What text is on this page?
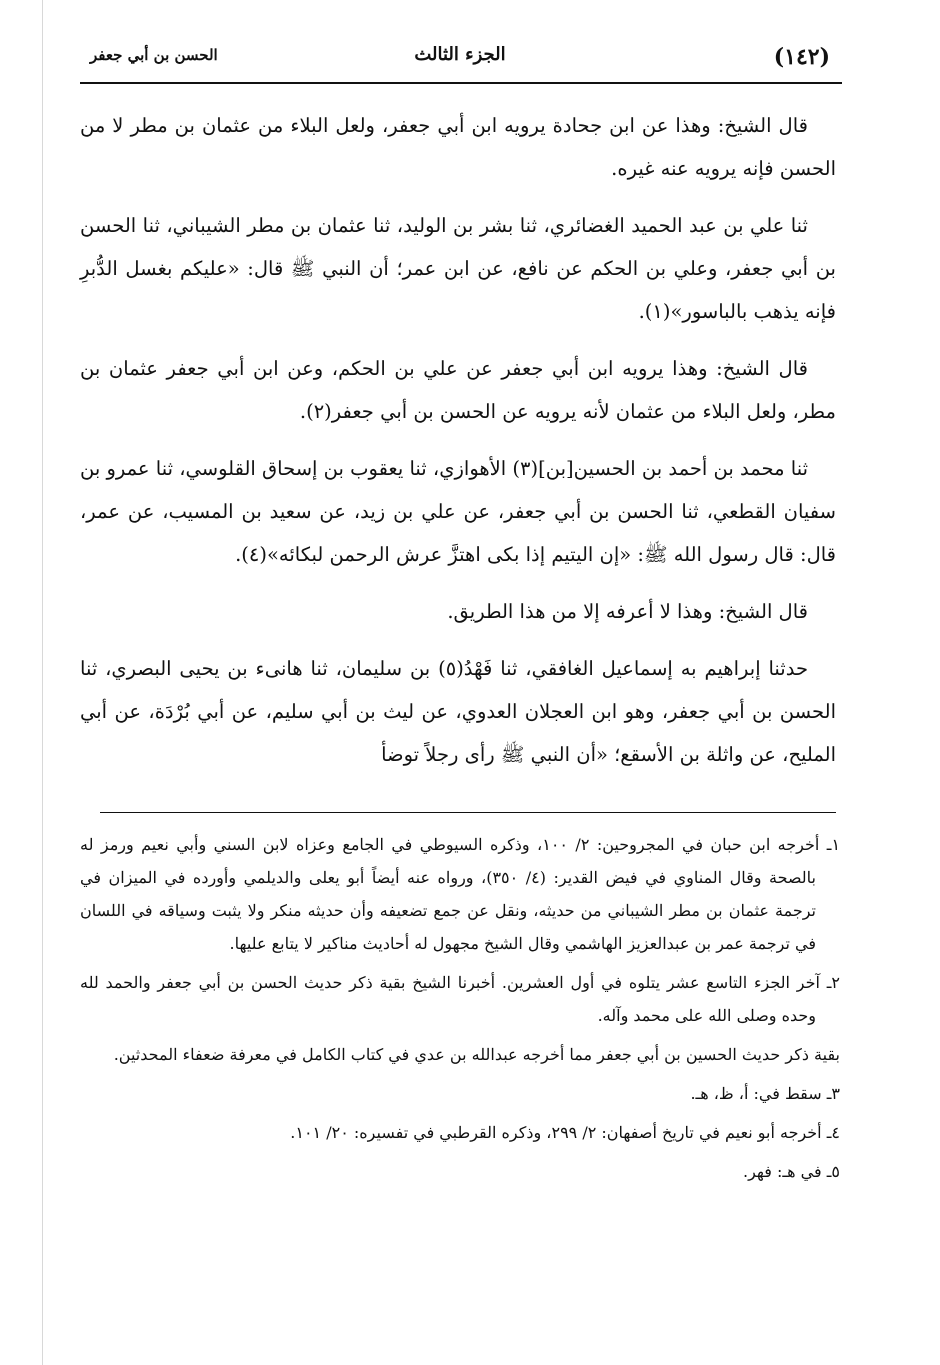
(١٤٢)
الجزء الثالث
الحسن بن أبي جعفر

قال الشيخ: وهذا عن ابن جحادة يرويه ابن أبي جعفر، ولعل البلاء من عثمان بن مطر لا من الحسن فإنه يرويه عنه غيره.

ثنا علي بن عبد الحميد الغضائري، ثنا بشر بن الوليد، ثنا عثمان بن مطر الشيباني، ثنا الحسن بن أبي جعفر، وعلي بن الحكم عن نافع، عن ابن عمر؛ أن النبي ﷺ قال: «عليكم بغسل الدُّبرِ فإنه يذهب بالباسور»(١).

قال الشيخ: وهذا يرويه ابن أبي جعفر عن علي بن الحكم، وعن ابن أبي جعفر عثمان بن مطر، ولعل البلاء من عثمان لأنه يرويه عن الحسن بن أبي جعفر(٢).

ثنا محمد بن أحمد بن الحسين[بن](٣) الأهوازي، ثنا يعقوب بن إسحاق القلوسي، ثنا عمرو بن سفيان القطعي، ثنا الحسن بن أبي جعفر، عن علي بن زيد، عن سعيد بن المسيب، عن عمر، قال: قال رسول الله ﷺ: «إن اليتيم إذا بكى اهتزَّ عرش الرحمن لبكائه»(٤).

قال الشيخ: وهذا لا أعرفه إلا من هذا الطريق.

حدثنا إبراهيم به إسماعيل الغافقي، ثنا فَهْدُ(٥) بن سليمان، ثنا هانىء بن يحيى البصري، ثنا الحسن بن أبي جعفر، وهو ابن العجلان العدوي، عن ليث بن أبي سليم، عن أبي بُرْدَة، عن أبي المليح، عن واثلة بن الأسقع؛ «أن النبي ﷺ رأى رجلاً توضأ

١ـ أخرجه ابن حبان في المجروحين: ٢/ ١٠٠، وذكره السيوطي في الجامع وعزاه لابن السني وأبي نعيم ورمز له بالصحة وقال المناوي في فيض القدير: (٤/ ٣٥٠)، ورواه عنه أيضاً أبو يعلى والديلمي وأورده في الميزان في ترجمة عثمان بن مطر الشيباني من حديثه، ونقل عن جمع تضعيفه وأن حديثه منكر ولا يثبت وسياقه في اللسان في ترجمة عمر بن عبدالعزيز الهاشمي وقال الشيخ مجهول له أحاديث مناكير لا يتابع عليها.

٢ـ آخر الجزء التاسع عشر يتلوه في أول العشرين. أخبرنا الشيخ بقية ذكر حديث الحسن بن أبي جعفر والحمد لله وحده وصلى الله على محمد وآله.

بقية ذكر حديث الحسين بن أبي جعفر مما أخرجه عبدالله بن عدي في كتاب الكامل في معرفة ضعفاء المحدثين.

٣ـ سقط في: أ، ظ، هـ.

٤ـ أخرجه أبو نعيم في تاريخ أصفهان: ٢/ ٢٩٩، وذكره القرطبي في تفسيره: ٢٠/ ١٠١.

٥ـ في هـ: فهر.
